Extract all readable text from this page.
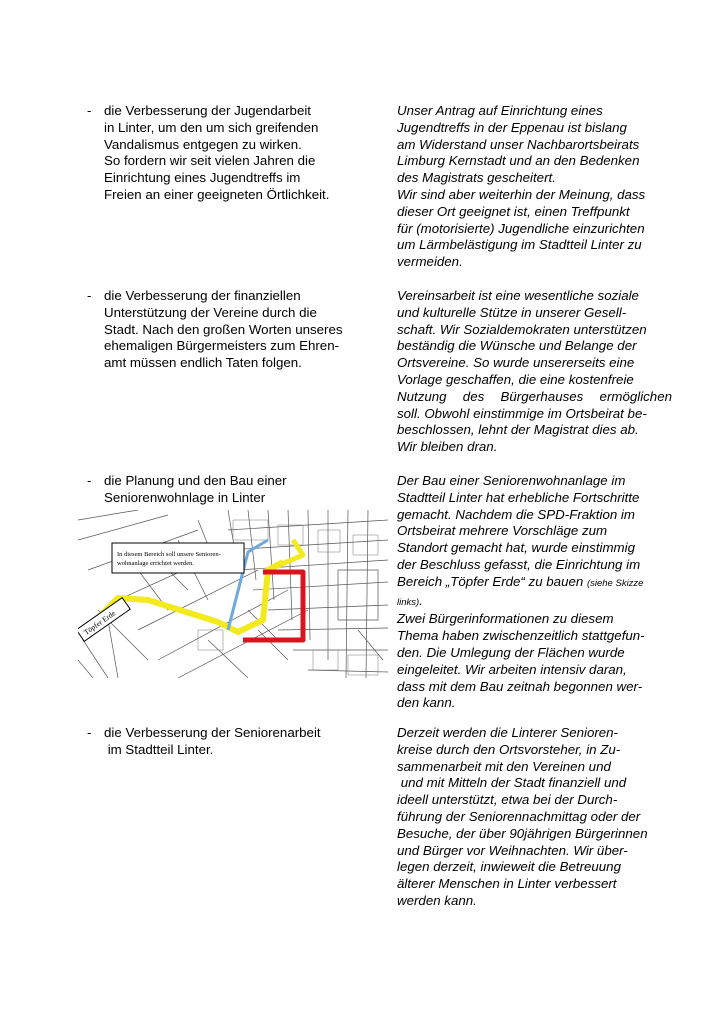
- die Verbesserung der Jugendarbeit
in Linter, um den um sich greifenden
Vandalismus entgegen zu wirken.
So fordern wir seit vielen Jahren die
Einrichtung eines Jugendtreffs im
Freien an einer geeigneten Örtlichkeit.
Unser Antrag auf Einrichtung eines
Jugendtreffs in der Eppenau ist bislang
am Widerstand unser Nachbarortsbeirats
Limburg Kernstadt und an den Bedenken
des Magistrats gescheitert.
Wir sind aber weiterhin der Meinung, dass
dieser Ort geeignet ist, einen Treffpunkt
für (motorisierte) Jugendliche einzurichten
um Lärmbelästigung im Stadtteil Linter zu
vermeiden.
- die Verbesserung der finanziellen
Unterstützung der Vereine durch die
Stadt. Nach den großen Worten unseres
ehemaligen Bürgermeisters zum Ehren-
amt müssen endlich Taten folgen.
Vereinsarbeit ist eine wesentliche soziale
und kulturelle Stütze in unserer Gesell-
schaft. Wir Sozialdemokraten unterstützen
beständig die Wünsche und Belange der
Ortsvereine. So wurde unsererseits eine
Vorlage geschaffen, die eine kostenfreie
Nutzung des Bürgerhauses ermöglichen
soll. Obwohl einstimmige im Ortsbeirat be-
beschlossen, lehnt der Magistrat dies ab.
Wir bleiben dran.
- die Planung und den Bau einer
Seniorenwohnlage in Linter
Der Bau einer Seniorenwohnanlage im
Stadtteil Linter hat erhebliche Fortschritte
gemacht. Nachdem die SPD-Fraktion im
Ortsbeirat mehrere Vorschläge zum
Standort gemacht hat, wurde einstimmig
der Beschluss gefasst, die Einrichtung im
Bereich „Töpfer Erde“ zu bauen (siehe Skizze
links).
Zwei Bürgerinformationen zu diesem
Thema haben zwischenzeitlich stattgefun-
den. Die Umlegung der Flächen wurde
eingeleitet. Wir arbeiten intensiv daran,
dass mit dem Bau zeitnah begonnen wer-
den kann.
In diesem Bereich soll unsere Senioren-
wohnanlage errichtet werden.
Töpfer Erde
- die Verbesserung der Seniorenarbeit
im Stadtteil Linter.
Derzeit werden die Linterer Senioren-
kreise durch den Ortsvorsteher, in Zu-
sammenarbeit mit den Vereinen und
und mit Mitteln der Stadt finanziell und
ideell unterstützt, etwa bei der Durch-
führung der Seniorennachmittag oder der
Besuche, der über 90jährigen Bürgerinnen
und Bürger vor Weihnachten. Wir über-
legen derzeit, inwieweit die Betreuung
älterer Menschen in Linter verbessert
werden kann.
